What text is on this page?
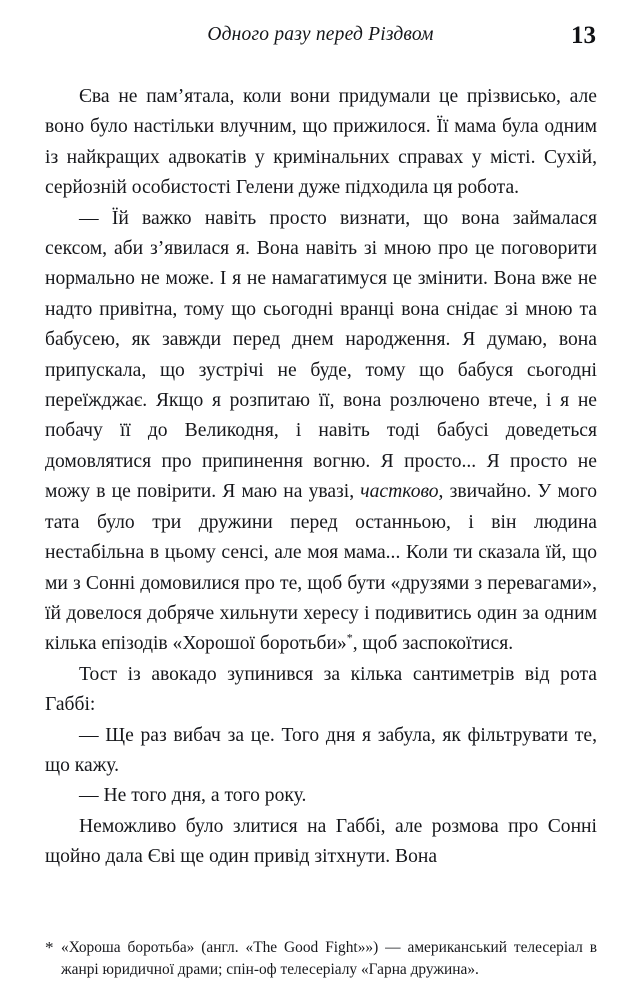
Одного разу перед Різдвом	13

Єва не пам’ятала, коли вони придумали це прізвисько, але воно було настільки влучним, що прижилося. Її мама була одним із найкращих адвокатів у кримінальних справах у місті. Сухій, серйозній особистості Гелени дуже підходила ця робота.

— Їй важко навіть просто визнати, що вона займалася сексом, аби з’явилася я. Вона навіть зі мною про це поговорити нормально не може. І я не намагатимуся це змінити. Вона вже не надто привітна, тому що сьогодні вранці вона снідає зі мною та бабусею, як завжди перед днем народження. Я думаю, вона припускала, що зустрічі не буде, тому що бабуся сьогодні переїжджає. Якщо я розпитаю її, вона розлючено втече, і я не побачу її до Великодня, і навіть тоді бабусі доведеться домовлятися про припинення вогню. Я просто... Я просто не можу в це повірити. Я маю на увазі, частково, звичайно. У мого тата було три дружини перед останньою, і він людина нестабільна в цьому сенсі, але моя мама... Коли ти сказала їй, що ми з Сонні домовилися про те, щоб бути «друзями з перевагами», їй довелося добряче хильнути хересу і подивитись один за одним кілька епізодів «Хорошої боротьби»*, щоб заспокоїтися.

Тост із авокадо зупинився за кілька сантиметрів від рота Габбі:

— Ще раз вибач за це. Того дня я забула, як фільтрувати те, що кажу.

— Не того дня, а того року.

Неможливо було злитися на Габбі, але розмова про Сонні щойно дала Єві ще один привід зітхнути. Вона

* «Хороша боротьба» (англ. «The Good Fight»») — американський телесеріал в жанрі юридичної драми; спін-оф телесеріалу «Гарна дружина».
